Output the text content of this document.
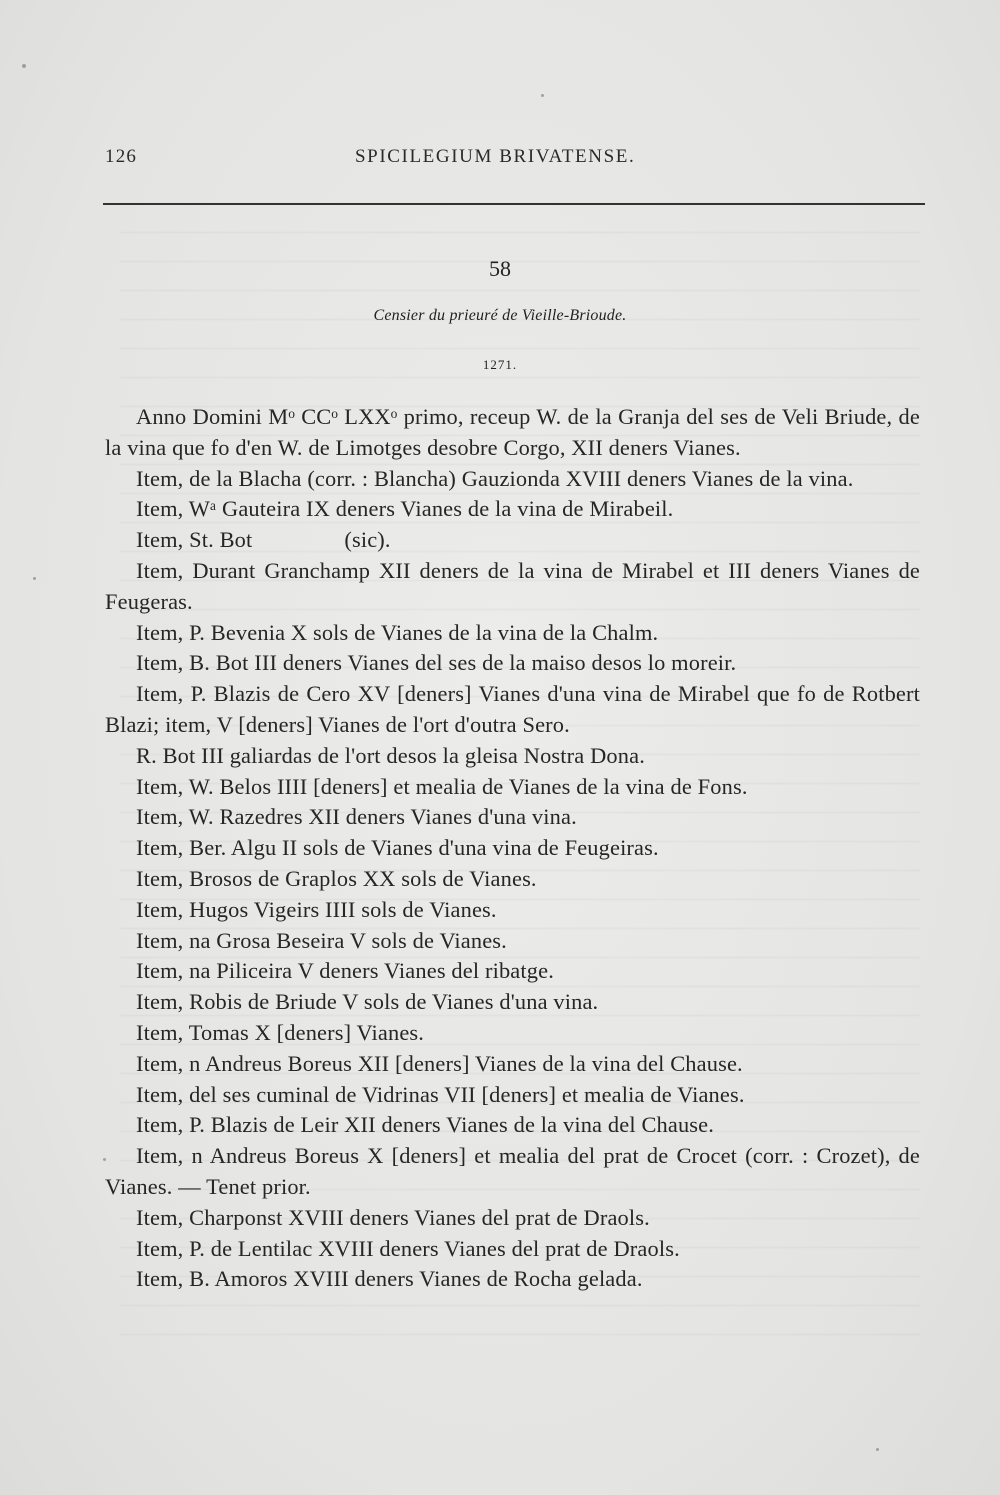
126	SPICILEGIUM BRIVATENSE.
58
Censier du prieuré de Vieille-Brioude.
1271.

Anno Domini Mᵒ CCᵒ LXXᵒ primo, receup W. de la Granja del ses de Veli Briude, de la vina que fo d'en W. de Limotges desobre Corgo, XII deners Vianes.

Item, de la Blacha (corr. : Blancha) Gauzionda XVIII deners Vianes de la vina.

Item, Wᵃ Gauteira IX deners Vianes de la vina de Mirabeil.

Item, St. Bot                (sic).

Item, Durant Granchamp XII deners de la vina de Mirabel et III deners Vianes de Feugeras.

Item, P. Bevenia X sols de Vianes de la vina de la Chalm.

Item, B. Bot III deners Vianes del ses de la maiso desos lo moreir.

Item, P. Blazis de Cero XV [deners] Vianes d'una vina de Mirabel que fo de Rotbert Blazi; item, V [deners] Vianes de l'ort d'outra Sero.

R. Bot III galiardas de l'ort desos la gleisa Nostra Dona.

Item, W. Belos IIII [deners] et mealia de Vianes de la vina de Fons.

Item, W. Razedres XII deners Vianes d'una vina.

Item, Ber. Algu II sols de Vianes d'una vina de Feugeiras.

Item, Brosos de Graplos XX sols de Vianes.

Item, Hugos Vigeirs IIII sols de Vianes.

Item, na Grosa Beseira V sols de Vianes.

Item, na Piliceira V deners Vianes del ribatge.

Item, Robis de Briude V sols de Vianes d'una vina.

Item, Tomas X [deners] Vianes.

Item, n Andreus Boreus XII [deners] Vianes de la vina del Chause.

Item, del ses cuminal de Vidrinas VII [deners] et mealia de Vianes.

Item, P. Blazis de Leir XII deners Vianes de la vina del Chause.

Item, n Andreus Boreus X [deners] et mealia del prat de Crocet (corr. : Crozet), de Vianes. — Tenet prior.

Item, Charponst XVIII deners Vianes del prat de Draols.

Item, P. de Lentilac XVIII deners Vianes del prat de Draols.

Item, B. Amoros XVIII deners Vianes de Rocha gelada.
